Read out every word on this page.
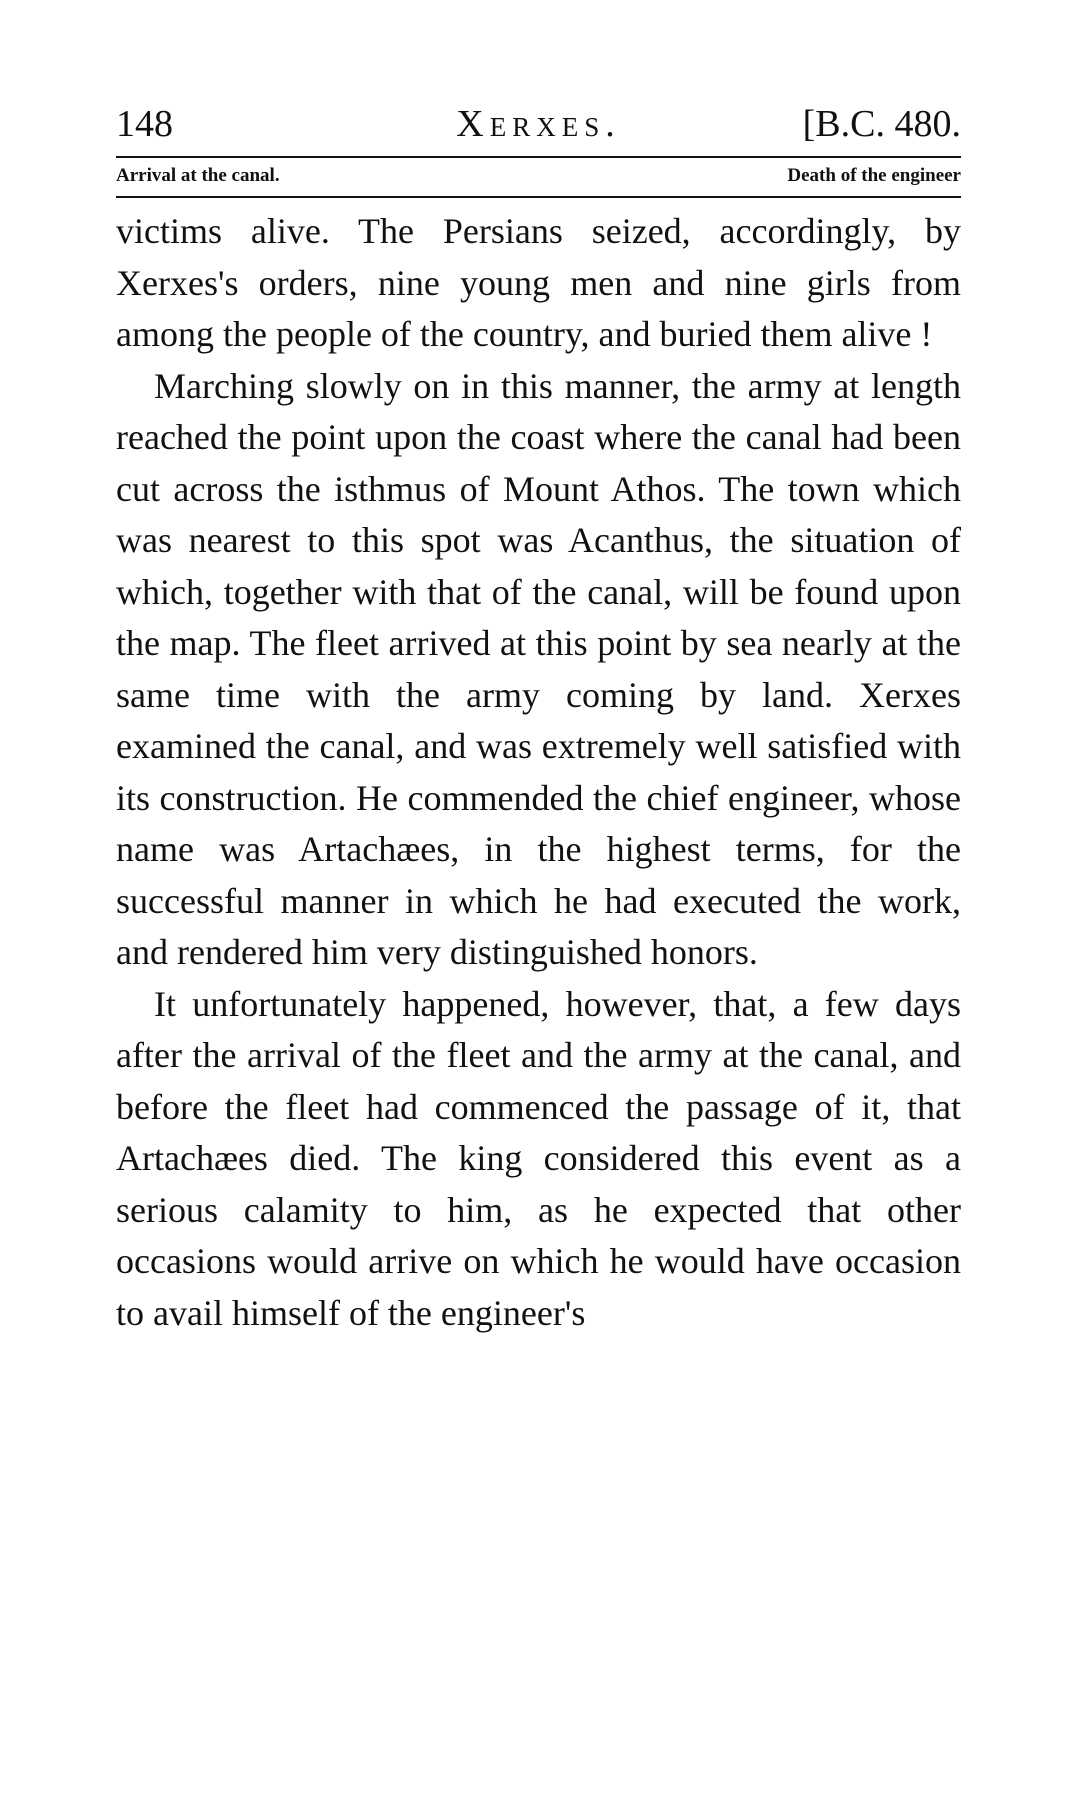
148	Xerxes.	[B.C. 480.
Arrival at the canal.	Death of the engineer

victims alive. The Persians seized, accordingly, by Xerxes's orders, nine young men and nine girls from among the people of the country, and buried them alive !

Marching slowly on in this manner, the army at length reached the point upon the coast where the canal had been cut across the isthmus of Mount Athos. The town which was nearest to this spot was Acanthus, the situation of which, together with that of the canal, will be found upon the map. The fleet arrived at this point by sea nearly at the same time with the army coming by land. Xerxes examined the canal, and was extremely well satisfied with its construction. He commended the chief engineer, whose name was Artachæes, in the highest terms, for the successful manner in which he had executed the work, and rendered him very distinguished honors.

It unfortunately happened, however, that, a few days after the arrival of the fleet and the army at the canal, and before the fleet had commenced the passage of it, that Artachæes died. The king considered this event as a serious calamity to him, as he expected that other occasions would arrive on which he would have occasion to avail himself of the engineer's
